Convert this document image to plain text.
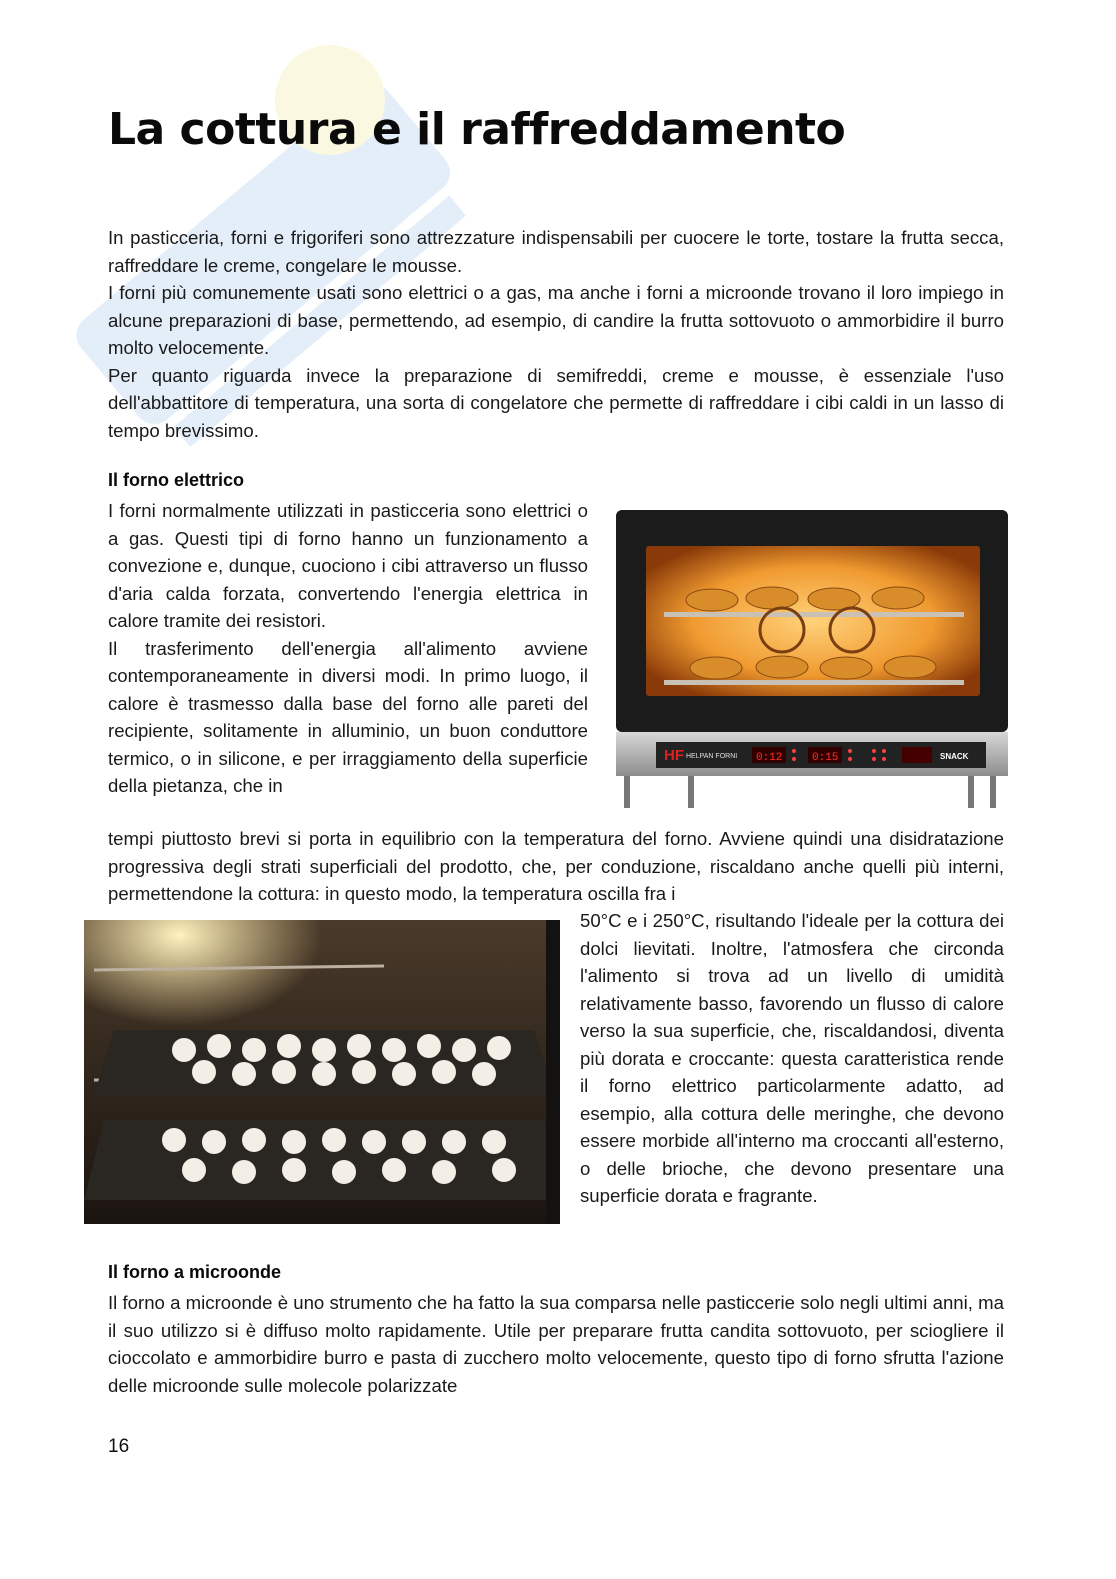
La cottura e il raffreddamento

In pasticceria, forni e frigoriferi sono attrezzature indispensabili per cuocere le torte, tostare la frutta secca, raffreddare le creme, congelare le mousse.

I forni più comunemente usati sono elettrici o a gas, ma anche i forni a microonde trovano il loro impiego in alcune preparazioni di base, permettendo, ad esempio, di candire la frutta sottovuoto o ammorbidire il burro molto velocemente.

Per quanto riguarda invece la preparazione di semifreddi, creme e mousse, è essenziale l'uso dell'abbattitore di temperatura, una sorta di congelatore che permette di raffreddare i cibi caldi in un lasso di tempo brevissimo.

Il forno elettrico

I forni normalmente utilizzati in pasticceria sono elettrici o a gas. Questi tipi di forno hanno un funzionamento a convezione e, dunque, cuociono i cibi attraverso un flusso d'aria calda forzata, convertendo l'energia elettrica in calore tramite dei resistori.

Il trasferimento dell'energia all'alimento avviene contemporaneamente in diversi modi. In primo luogo, il calore è trasmesso dalla base del forno alle pareti del recipiente, solitamente in alluminio, un buon conduttore termico, o in silicone, e per irraggiamento della superficie della pietanza, che in

HF HELPAN FORNI 0:12	0:15	SNACK

tempi piuttosto brevi si porta in equilibrio con la temperatura del forno. Avviene quindi una disidratazione progressiva degli strati superficiali del prodotto, che, per conduzione, riscaldano anche quelli più interni, permettendone la cottura: in questo modo, la temperatura oscilla fra i

50°C e i 250°C, risultando l'ideale per la cottura dei dolci lievitati. Inoltre, l'atmosfera che circonda l'alimento si trova ad un livello di umidità relativamente basso, favorendo un flusso di calore verso la sua superficie, che, riscaldandosi, diventa più dorata e croccante: questa caratteristica rende il forno elettrico particolarmente adatto, ad esempio, alla cottura delle meringhe, che devono essere morbide all'interno ma croccanti all'esterno, o delle brioche, che devono presentare una superficie dorata e fragrante.

Il forno a microonde

Il forno a microonde è uno strumento che ha fatto la sua comparsa nelle pasticcerie solo negli ultimi anni, ma il suo utilizzo si è diffuso molto rapidamente. Utile per preparare frutta candita sottovuoto, per sciogliere il cioccolato e ammorbidire burro e pasta di zucchero molto velocemente, questo tipo di forno sfrutta l'azione delle microonde sulle molecole polarizzate

16
